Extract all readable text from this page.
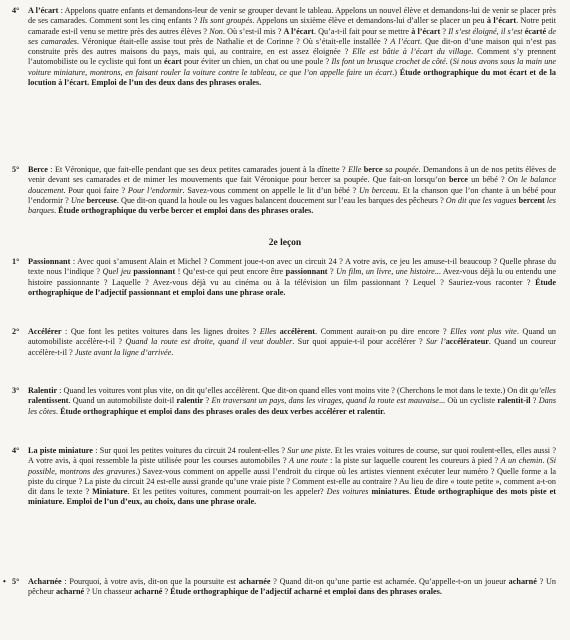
4° A l’écart : Appelons quatre enfants et demandons-leur de venir se grouper devant le tableau. Appelons un nouvel élève et demandons-lui de venir se placer près de ses camarades. Comment sont les cinq enfants ? Ils sont groupés. Appelons un sixième élève et demandons-lui d’aller se placer un peu à l’écart. Notre petit camarade est-il venu se mettre près des autres élèves ? Non. Où s’est-il mis ? A l’écart. Qu’a-t-il fait pour se mettre à l’écart ? Il s’est éloigné, il s’est écarté de ses camarades. Véronique était-elle assise tout près de Nathalie et de Corinne ? Où s’était-elle installée ? A l’écart. Que dit-on d’une maison qui n’est pas construite près des autres maisons du pays, mais qui, au contraire, en est assez éloignée ? Elle est bâtie à l’écart du village. Comment s’y prennent l’automobiliste ou le cycliste qui font un écart pour éviter un chien, un chat ou une poule ? Ils font un brusque crochet de côté. (Si nous avons sous la main une voiture miniature, montrons, en faisant rouler la voiture contre le tableau, ce que l’on appelle faire un écart.) Étude orthographique du mot écart et de la locution à l’écart. Emploi de l’un des deux dans des phrases orales.
5° Berce : Et Véronique, que fait-elle pendant que ses deux petites camarades jouent à la dînette ? Elle berce sa poupée. Demandons à un de nos petits élèves de venir devant ses camarades et de mimer les mouvements que fait Véronique pour bercer sa poupée. Que fait-on lorsqu’on berce un bébé ? On le balance doucement. Pour quoi faire ? Pour l’endormir. Savez-vous comment on appelle le lit d’un bébé ? Un berceau. Et la chanson que l’on chante à un bébé pour l’endormir ? Une berceuse. Que dit-on quand la houle ou les vagues balancent doucement sur l’eau les barques des pêcheurs ? On dit que les vagues bercent les barques. Étude orthographique du verbe bercer et emploi dans des phrases orales.
2e leçon
1° Passionnant : Avec quoi s’amusent Alain et Michel ? Comment joue-t-on avec un circuit 24 ? A votre avis, ce jeu les amuse-t-il beaucoup ? Quelle phrase du texte nous l’indique ? Quel jeu passionnant ! Qu’est-ce qui peut encore être passionnant ? Un film, un livre, une histoire... Avez-vous déjà lu ou entendu une histoire passionnante ? Laquelle ? Avez-vous déjà vu au cinéma ou à la télévision un film passionnant ? Lequel ? Sauriez-vous raconter ? Étude orthographique de l’adjectif passionnant et emploi dans une phrase orale.
2° Accélérer : Que font les petites voitures dans les lignes droites ? Elles accélèrent. Comment aurait-on pu dire encore ? Elles vont plus vite. Quand un automobiliste accélère-t-il ? Quand la route est droite, quand il veut doubler. Sur quoi appuie-t-il pour accélérer ? Sur l’accélérateur. Quand un coureur accélère-t-il ? Juste avant la ligne d’arrivée.
3° Ralentir : Quand les voitures vont plus vite, on dit qu’elles accélèrent. Que dit-on quand elles vont moins vite ? (Cherchons le mot dans le texte.) On dit qu’elles ralentissent. Quand un automobiliste doit-il ralentir ? En traversant un pays, dans les virages, quand la route est mauvaise... Où un cycliste ralentit-il ? Dans les côtes. Étude orthographique et emploi dans des phrases orales des deux verbes accélérer et ralentir.
4° La piste miniature : Sur quoi les petites voitures du circuit 24 roulent-elles ? Sur une piste. Et les vraies voitures de course, sur quoi roulent-elles, elles aussi ? A votre avis, à quoi ressemble la piste utilisée pour les courses automobiles ? A une route : la piste sur laquelle courent les coureurs à pied ? A un chemin. (Si possible, montrons des gravures.) Savez-vous comment on appelle aussi l’endroit du cirque où les artistes viennent exécuter leur numéro ? Quelle forme a la piste du cirque ? La piste du circuit 24 est-elle aussi grande qu’une vraie piste ? Comment est-elle au contraire ? Au lieu de dire « toute petite », comment a-t-on dit dans le texte ? Miniature. Et les petites voitures, comment pourrait-on les appeler? Des voitures miniatures. Étude orthographique des mots piste et miniature. Emploi de l’un d’eux, au choix, dans une phrase orale.
• 5° Acharnée : Pourquoi, à votre avis, dit-on que la poursuite est acharnée ? Quand dit-on qu’une partie est acharnée. Qu’appelle-t-on un joueur acharné ? Un pêcheur acharné ? Un chasseur acharné ? Étude orthographique de l’adjectif acharné et emploi dans des phrases orales.
